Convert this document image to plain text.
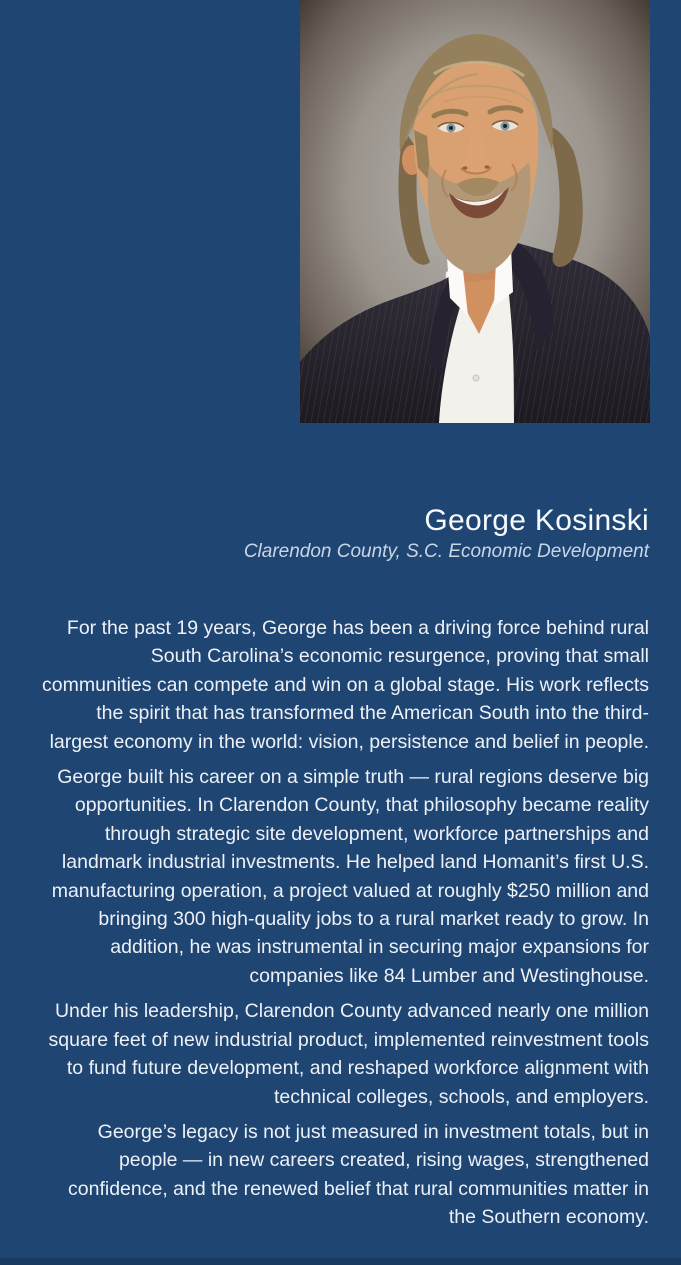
George Kosinski

Clarendon County, S.C. Economic Development

For the past 19 years, George has been a driving force behind rural South Carolina’s economic resurgence, proving that small communities can compete and win on a global stage. His work reflects the spirit that has transformed the American South into the third-largest economy in the world: vision, persistence and belief in people.

George built his career on a simple truth — rural regions deserve big opportunities. In Clarendon County, that philosophy became reality through strategic site development, workforce partnerships and landmark industrial investments. He helped land Homanit’s first U.S. manufacturing operation, a project valued at roughly $250 million and bringing 300 high-quality jobs to a rural market ready to grow. In addition, he was instrumental in securing major expansions for companies like 84 Lumber and Westinghouse.

Under his leadership, Clarendon County advanced nearly one million square feet of new industrial product, implemented reinvestment tools to fund future development, and reshaped workforce alignment with technical colleges, schools, and employers.

George’s legacy is not just measured in investment totals, but in people — in new careers created, rising wages, strengthened confidence, and the renewed belief that rural communities matter in the Southern economy.
